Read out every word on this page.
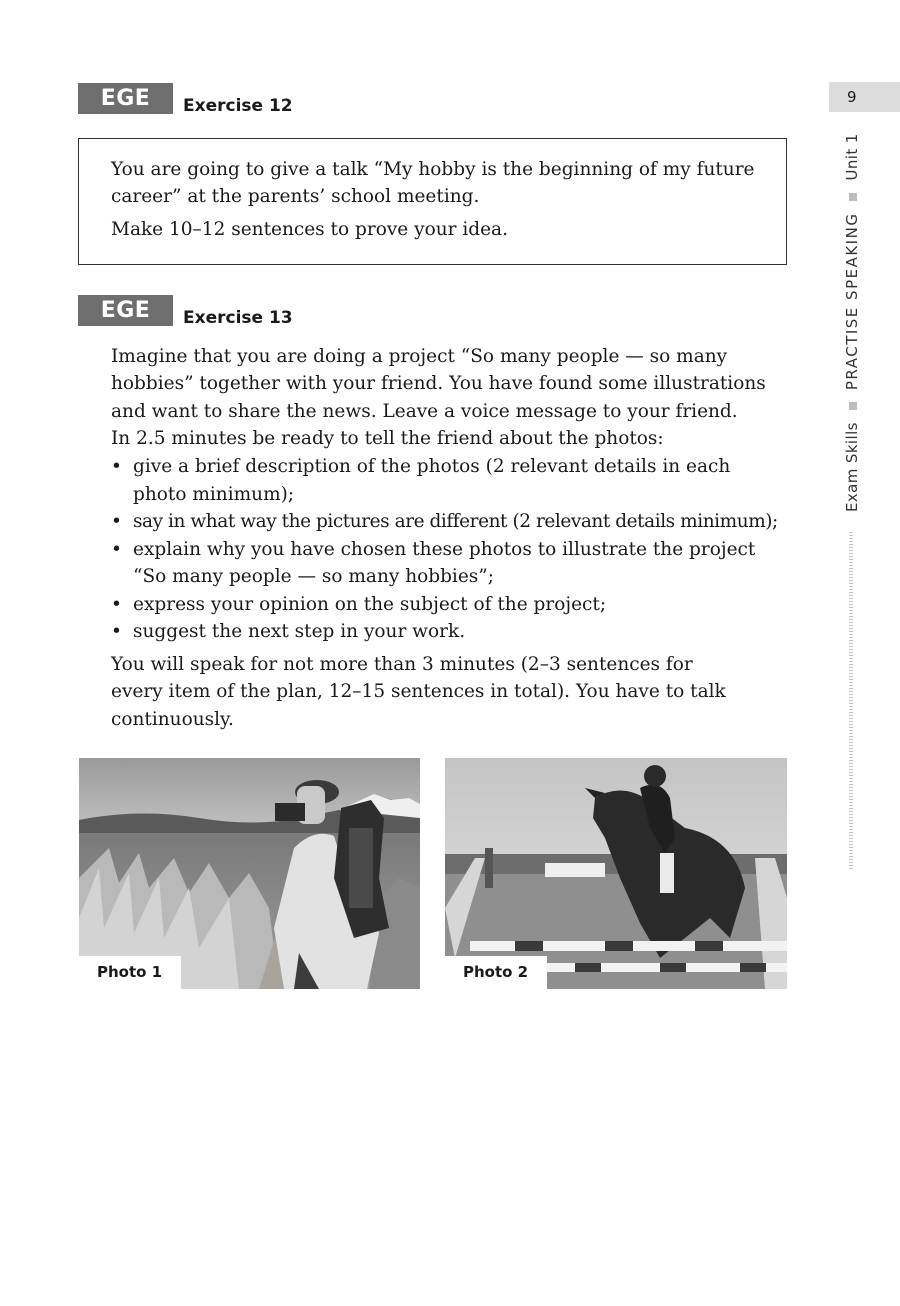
EGE	Exercise 12

You are going to give a talk “My hobby is the beginning of my future

career” at the parents’ school meeting.

Make 10–12 sentences to prove your idea.

EGE	Exercise 13

Imagine that you are doing a project “So many people — so many

hobbies” together with your friend. You have found some illustrations

and want to share the news. Leave a voice message to your friend.

In 2.5 minutes be ready to tell the friend about the photos:

• give a brief description of the photos (2 relevant details in each
photo minimum);
• say in what way the pictures are different (2 relevant details minimum);
• explain why you have chosen these photos to illustrate the project
“So many people — so many hobbies”;
• express your opinion on the subject of the project;
• suggest the next step in your work.

You will speak for not more than 3 minutes (2–3 sentences for

every item of the plan, 12–15 sentences in total). You have to talk

continuously.

Photo 1	Photo 2
9
Exam SkillsPRACTISE SPEAKINGUnit 1
